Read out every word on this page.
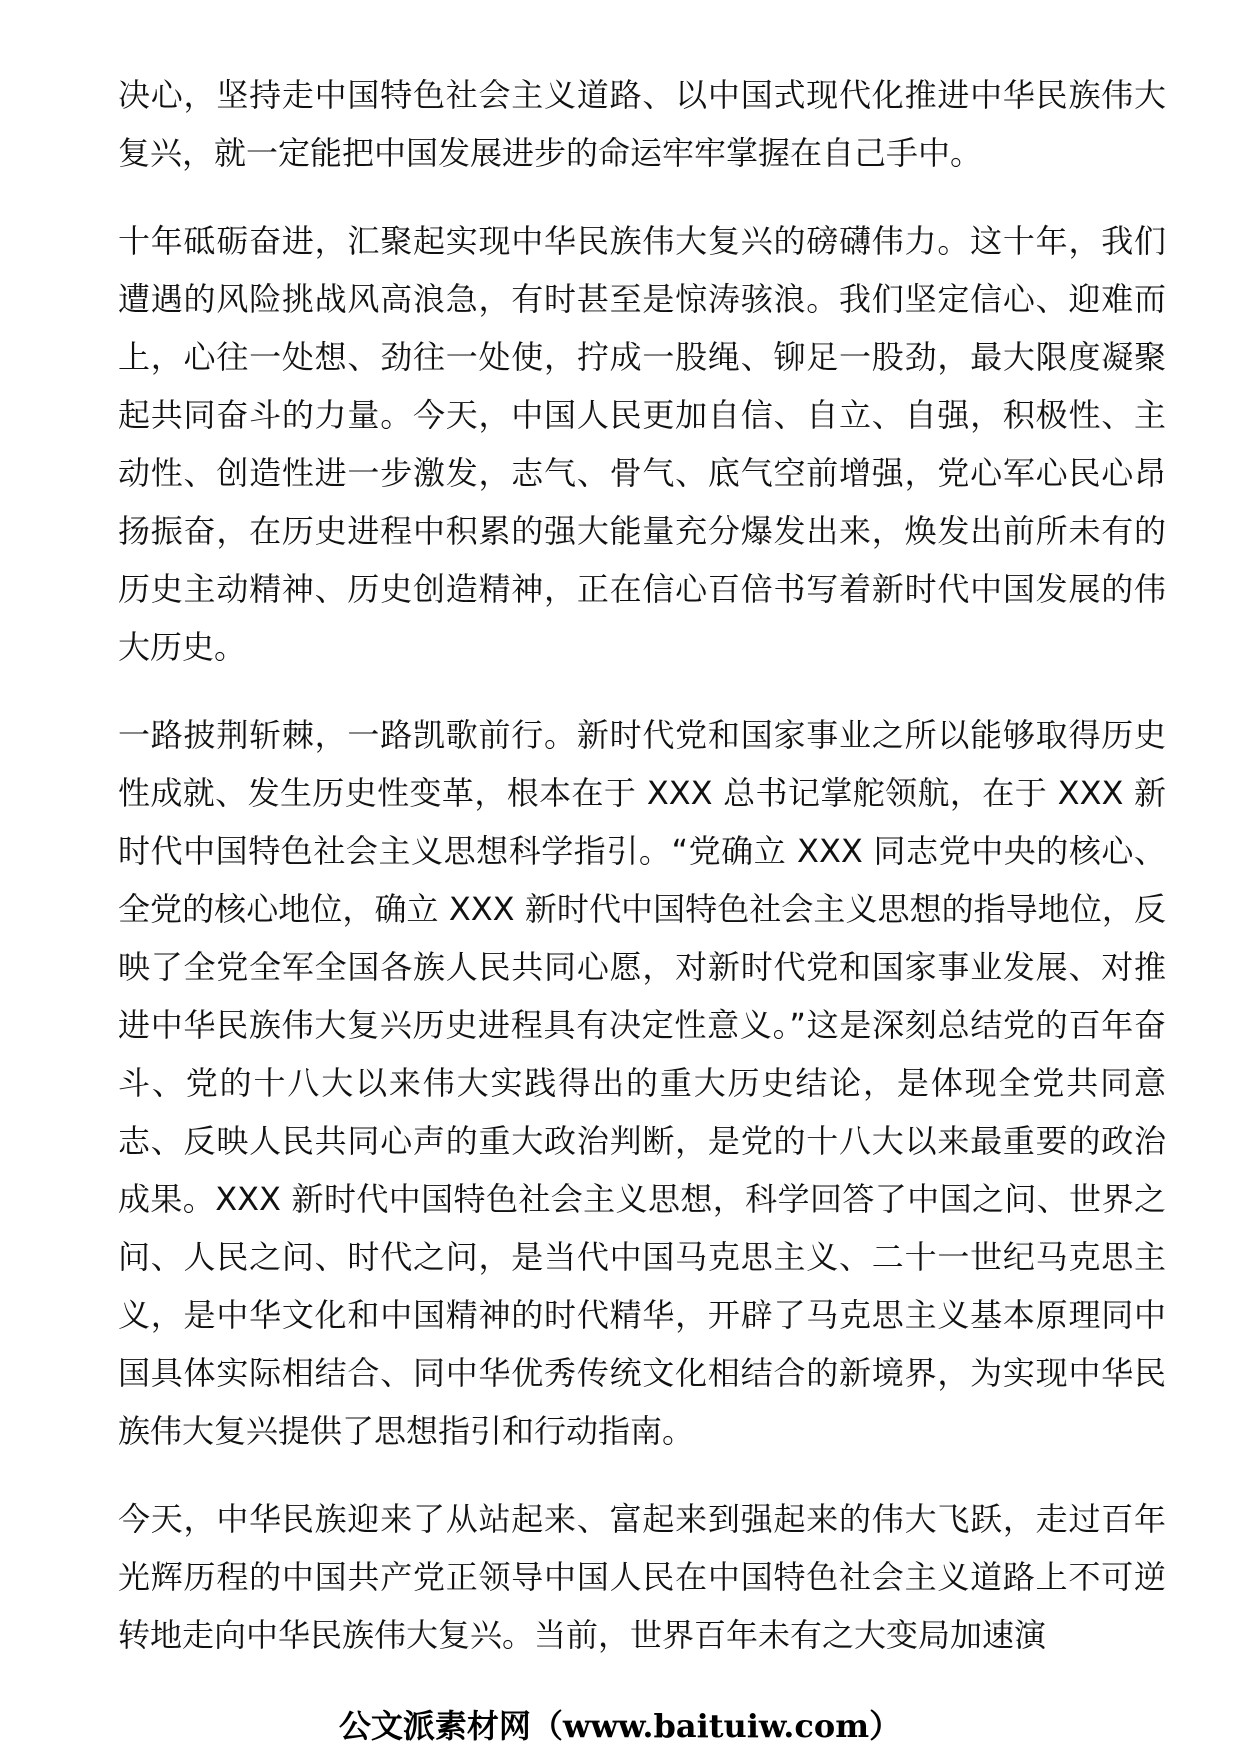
决心，坚持走中国特色社会主义道路、以中国式现代化推进中华民族伟大复兴，就一定能把中国发展进步的命运牢牢掌握在自己手中。

十年砥砺奋进，汇聚起实现中华民族伟大复兴的磅礴伟力。这十年，我们遭遇的风险挑战风高浪急，有时甚至是惊涛骇浪。我们坚定信心、迎难而上，心往一处想、劲往一处使，拧成一股绳、铆足一股劲，最大限度凝聚起共同奋斗的力量。今天，中国人民更加自信、自立、自强，积极性、主动性、创造性进一步激发，志气、骨气、底气空前增强，党心军心民心昂扬振奋，在历史进程中积累的强大能量充分爆发出来，焕发出前所未有的历史主动精神、历史创造精神，正在信心百倍书写着新时代中国发展的伟大历史。

一路披荆斩棘，一路凯歌前行。新时代党和国家事业之所以能够取得历史性成就、发生历史性变革，根本在于 XXX 总书记掌舵领航，在于 XXX 新时代中国特色社会主义思想科学指引。“党确立 XXX 同志党中央的核心、全党的核心地位，确立 XXX 新时代中国特色社会主义思想的指导地位，反映了全党全军全国各族人民共同心愿，对新时代党和国家事业发展、对推进中华民族伟大复兴历史进程具有决定性意义。”这是深刻总结党的百年奋斗、党的十八大以来伟大实践得出的重大历史结论，是体现全党共同意志、反映人民共同心声的重大政治判断，是党的十八大以来最重要的政治成果。XXX 新时代中国特色社会主义思想，科学回答了中国之问、世界之问、人民之问、时代之问，是当代中国马克思主义、二十一世纪马克思主义，是中华文化和中国精神的时代精华，开辟了马克思主义基本原理同中国具体实际相结合、同中华优秀传统文化相结合的新境界，为实现中华民族伟大复兴提供了思想指引和行动指南。

今天，中华民族迎来了从站起来、富起来到强起来的伟大飞跃，走过百年光辉历程的中国共产党正领导中国人民在中国特色社会主义道路上不可逆转地走向中华民族伟大复兴。当前，世界百年未有之大变局加速演

公文派素材网（www.baituiw.com）
